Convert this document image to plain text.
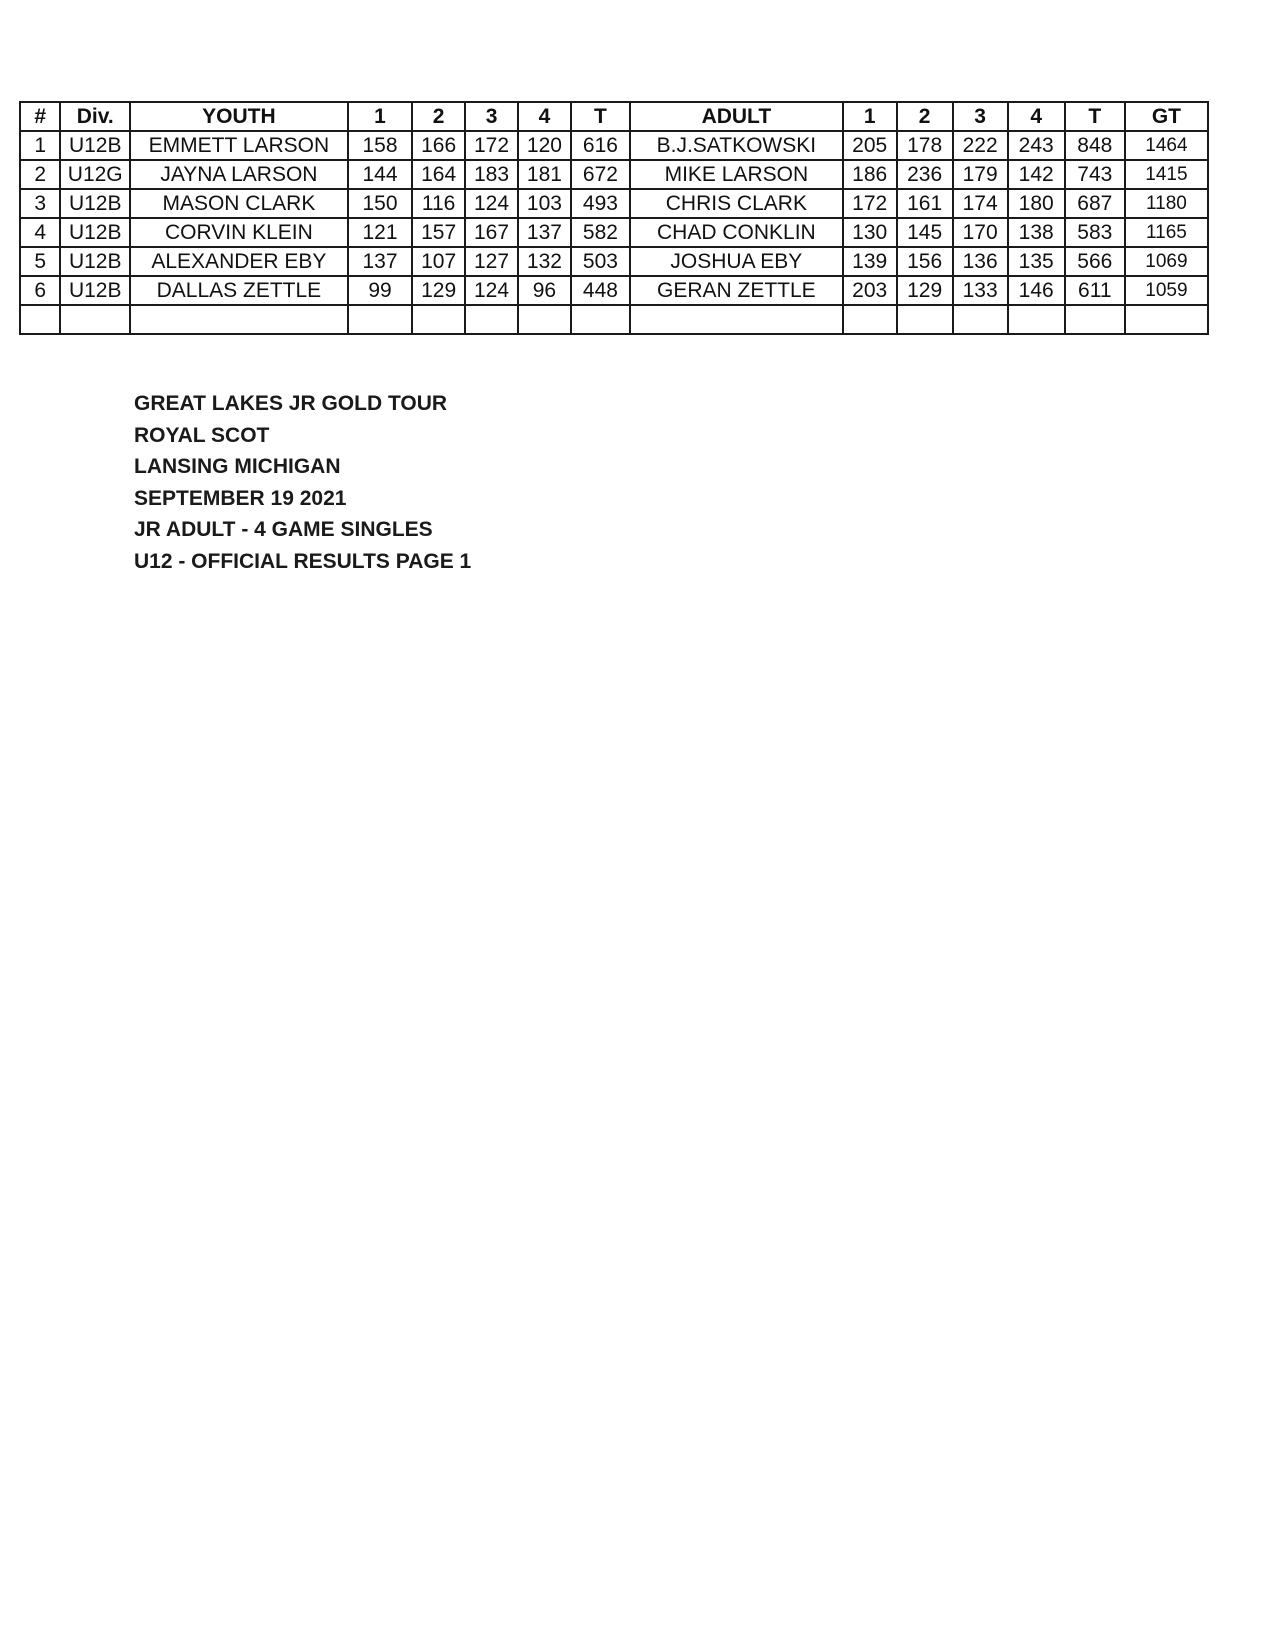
#	Div.	YOUTH	1	2	3	4	T	ADULT	1	2	3	4	T	GT
1	U12B	EMMETT LARSON	158	166	172	120	616	B.J.SATKOWSKI	205	178	222	243	848	1464
2	U12G	JAYNA LARSON	144	164	183	181	672	MIKE LARSON	186	236	179	142	743	1415
3	U12B	MASON CLARK	150	116	124	103	493	CHRIS CLARK	172	161	174	180	687	1180
4	U12B	CORVIN KLEIN	121	157	167	137	582	CHAD CONKLIN	130	145	170	138	583	1165
5	U12B	ALEXANDER EBY	137	107	127	132	503	JOSHUA EBY	139	156	136	135	566	1069
6	U12B	DALLAS ZETTLE	99	129	124	96	448	GERAN ZETTLE	203	129	133	146	611	1059

GREAT LAKES JR GOLD TOUR
ROYAL SCOT
LANSING MICHIGAN
SEPTEMBER 19 2021
JR ADULT - 4 GAME SINGLES
U12 - OFFICIAL RESULTS PAGE 1
